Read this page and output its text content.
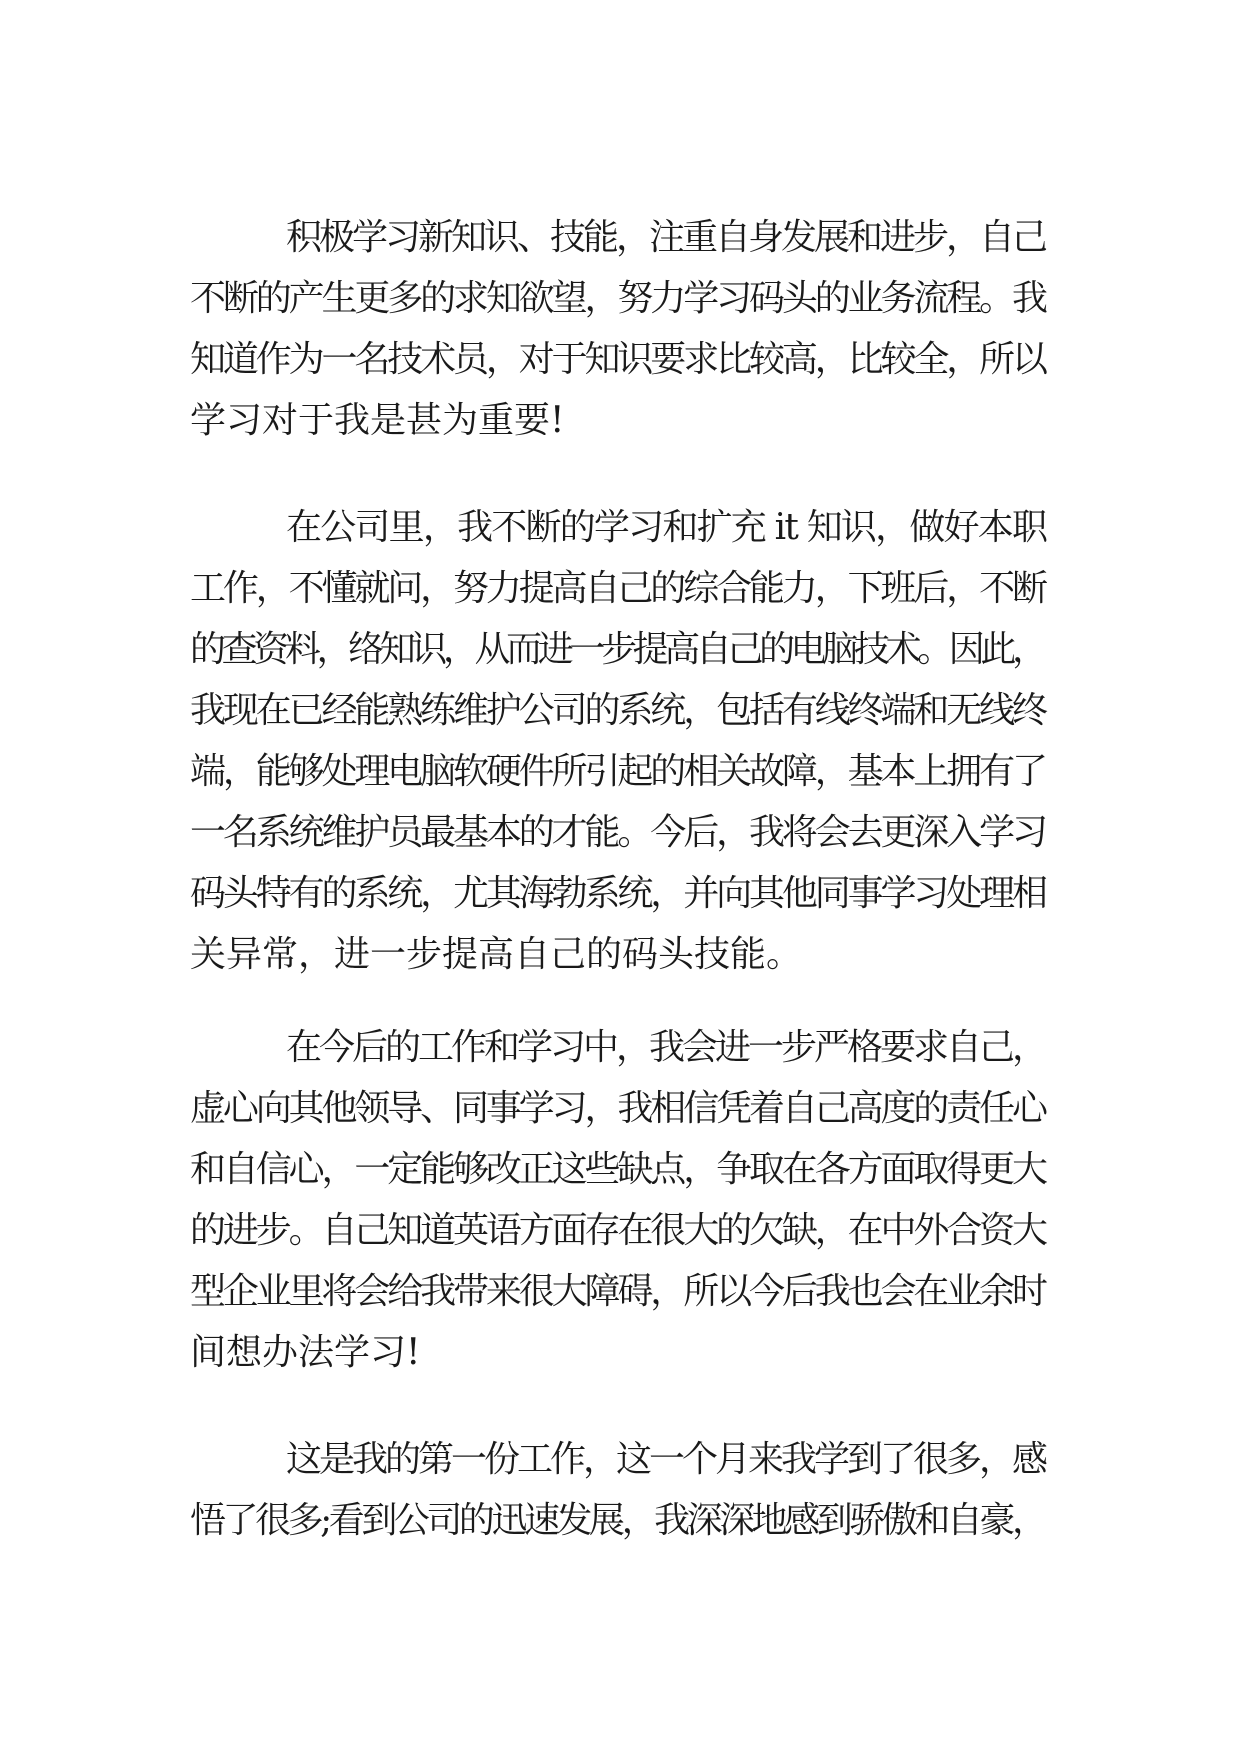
积极学习新知识、技能，注重自身发展和进步，自己
不断的产生更多的求知欲望，努力学习码头的业务流程。我
知道作为一名技术员，对于知识要求比较高，比较全，所以
学习对于我是甚为重要!
在公司里，我不断的学习和扩充 it 知识，做好本职
工作，不懂就问，努力提高自己的综合能力，下班后，不断
的查资料，络知识，从而进一步提高自己的电脑技术。因此，
我现在已经能熟练维护公司的系统，包括有线终端和无线终
端，能够处理电脑软硬件所引起的相关故障，基本上拥有了
一名系统维护员最基本的才能。今后，我将会去更深入学习
码头特有的系统，尤其海勃系统，并向其他同事学习处理相
关异常，进一步提高自己的码头技能。
在今后的工作和学习中，我会进一步严格要求自己，
虚心向其他领导、同事学习，我相信凭着自己高度的责任心
和自信心，一定能够改正这些缺点，争取在各方面取得更大
的进步。自己知道英语方面存在很大的欠缺，在中外合资大
型企业里将会给我带来很大障碍，所以今后我也会在业余时
间想办法学习!
这是我的第一份工作，这一个月来我学到了很多，感
悟了很多;看到公司的迅速发展，我深深地感到骄傲和自豪，
